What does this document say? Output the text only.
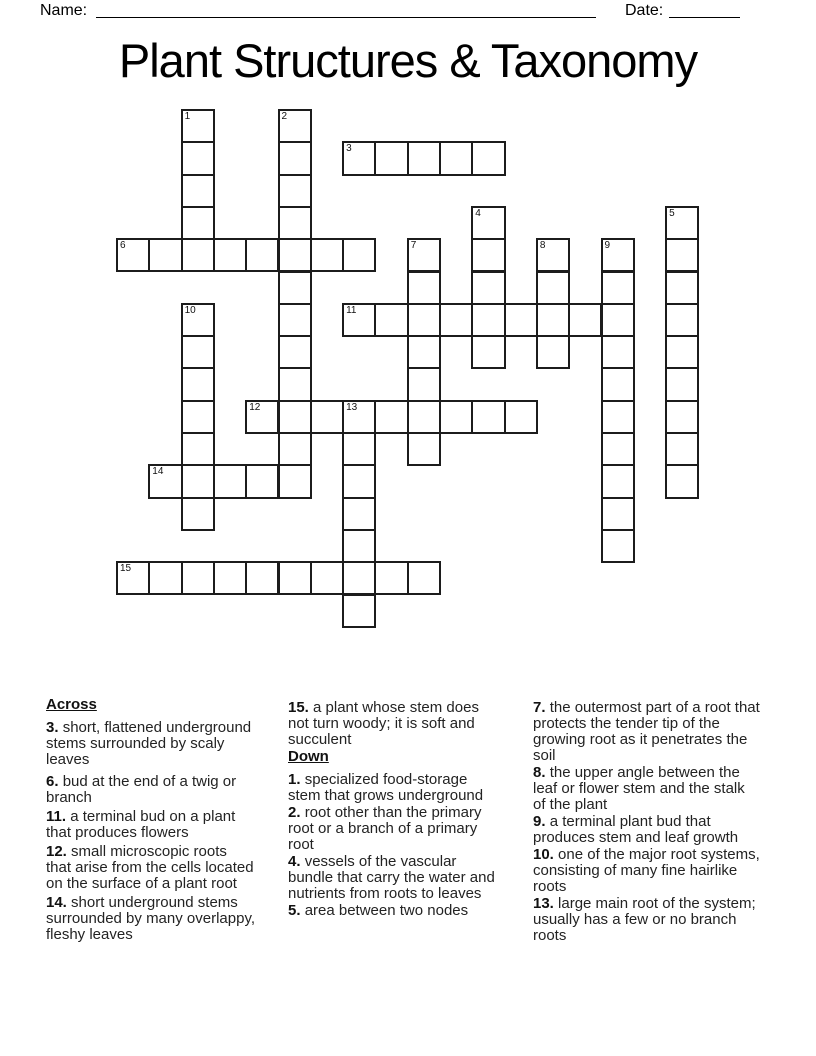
Name:	Date:
Plant Structures & Taxonomy
1	2
3
4	5
6	7	8	9
10	11
12	13
14
15

Across

3. short, flattened underground stems surrounded by scaly leaves

6. bud at the end of a twig or branch

11. a terminal bud on a plant that produces flowers

12. small microscopic roots that arise from the cells located on the surface of a plant root

14. short underground stems surrounded by many overlappy, fleshy leaves

15. a plant whose stem does not turn woody; it is soft and succulent

Down

1. specialized food-storage stem that grows underground

2. root other than the primary root or a branch of a primary root

4. vessels of the vascular bundle that carry the water and nutrients from roots to leaves

5. area between two nodes

7. the outermost part of a root that protects the tender tip of the growing root as it penetrates the soil

8. the upper angle between the leaf or flower stem and the stalk of the plant

9. a terminal plant bud that produces stem and leaf growth

10. one of the major root systems, consisting of many fine hairlike roots

13. large main root of the system; usually has a few or no branch roots
